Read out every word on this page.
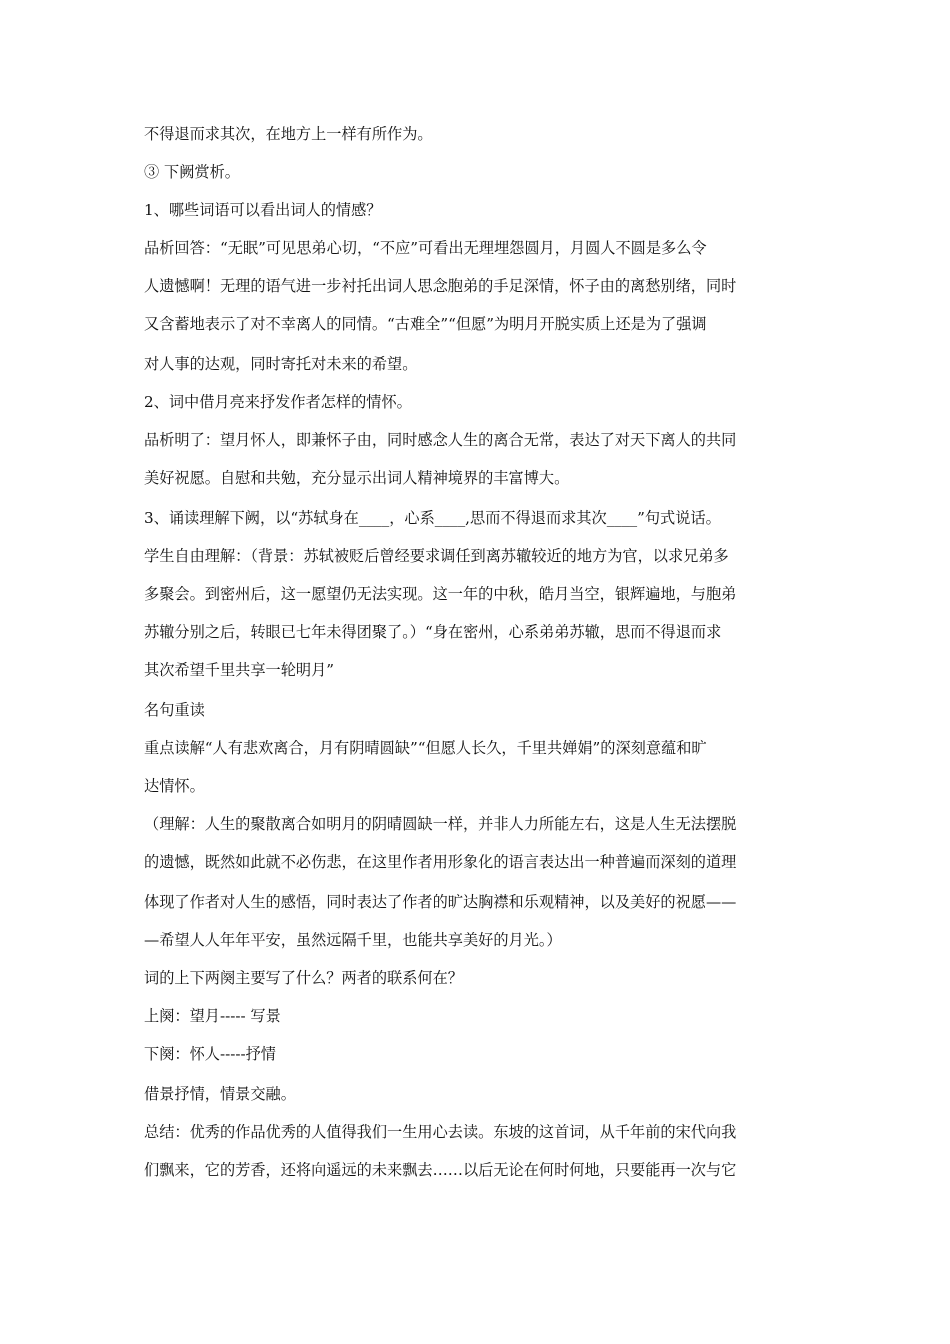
不得退而求其次，在地方上一样有所作为。
③ 下阙赏析。
1、哪些词语可以看出词人的情感？
品析回答：“无眠”可见思弟心切，“不应”可看出无理埋怨圆月，月圆人不圆是多么令
人遗憾啊！无理的语气进一步衬托出词人思念胞弟的手足深情，怀子由的离愁别绪，同时
又含蓄地表示了对不幸离人的同情。“古难全”“但愿”为明月开脱实质上还是为了强调
对人事的达观，同时寄托对未来的希望。
2、词中借月亮来抒发作者怎样的情怀。
品析明了：望月怀人，即兼怀子由，同时感念人生的离合无常，表达了对天下离人的共同
美好祝愿。自慰和共勉，充分显示出词人精神境界的丰富博大。
3、诵读理解下阙，以“苏轼身在____，心系____,思而不得退而求其次____”句式说话。
学生自由理解：（背景：苏轼被贬后曾经要求调任到离苏辙较近的地方为官，以求兄弟多
多聚会。到密州后，这一愿望仍无法实现。这一年的中秋，皓月当空，银辉遍地，与胞弟
苏辙分别之后，转眼已七年未得团聚了。）“身在密州，心系弟弟苏辙，思而不得退而求
其次希望千里共享一轮明月”
名句重读
重点读解“人有悲欢离合，月有阴晴圆缺”“但愿人长久，千里共婵娟”的深刻意蕴和旷
达情怀。
（理解：人生的聚散离合如明月的阴晴圆缺一样，并非人力所能左右，这是人生无法摆脱
的遗憾，既然如此就不必伤悲，在这里作者用形象化的语言表达出一种普遍而深刻的道理
体现了作者对人生的感悟，同时表达了作者的旷达胸襟和乐观精神，以及美好的祝愿——
—希望人人年年平安，虽然远隔千里，也能共享美好的月光。）
词的上下两阕主要写了什么？两者的联系何在？
上阕：望月----- 写景
下阕：怀人-----抒情
借景抒情，情景交融。
总结：优秀的作品优秀的人值得我们一生用心去读。东坡的这首词，从千年前的宋代向我
们飘来，它的芳香，还将向遥远的未来飘去……以后无论在何时何地，只要能再一次与它
